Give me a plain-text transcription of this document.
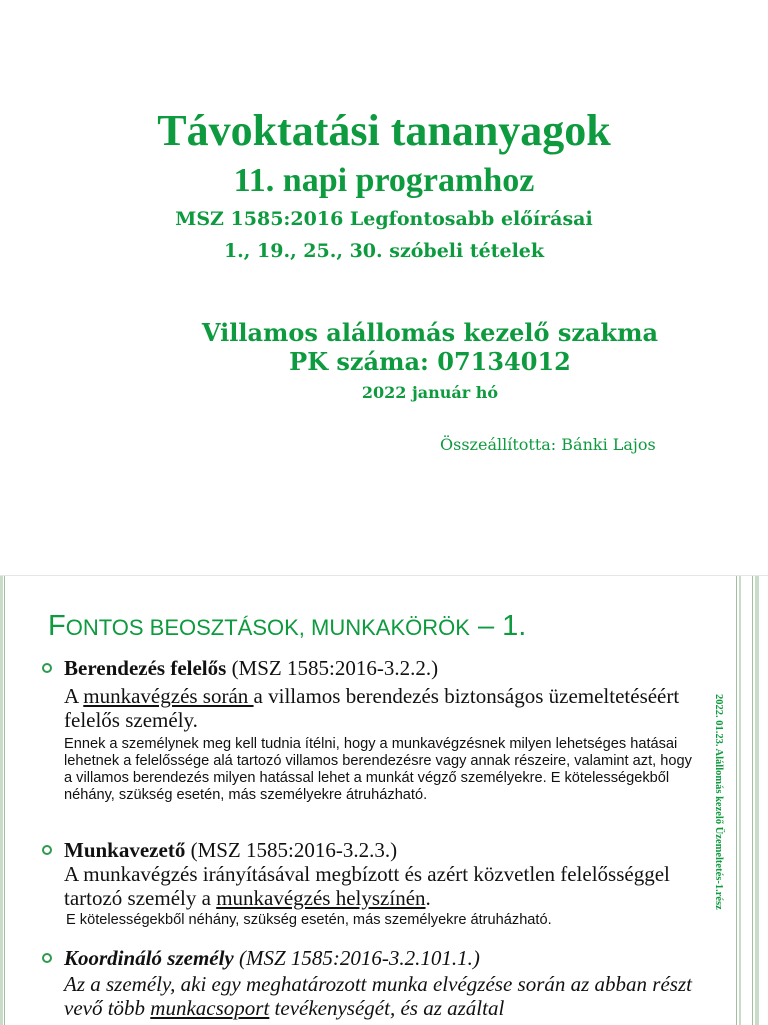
Távoktatási tananyagok
11. napi programhoz
MSZ 1585:2016 Legfontosabb előírásai
1., 19., 25., 30. szóbeli tételek
Villamos alállomás kezelő szakma
PK száma: 07134012
2022 január hó
Összeállította: Bánki Lajos
FONTOS BEOSZTÁSOK, MUNKAKÖRÖK – 1.
Berendezés felelős (MSZ 1585:2016-3.2.2.)
A munkavégzés során a villamos berendezés biztonságos üzemeltetéséért felelős személy.
Ennek a személynek meg kell tudnia ítélni, hogy a munkavégzésnek milyen lehetséges hatásai lehetnek a felelőssége alá tartozó villamos berendezésre vagy annak részeire, valamint azt, hogy a villamos berendezés milyen hatással lehet a munkát végző személyekre. E kötelességekből néhány, szükség esetén, más személyekre átruházható.
Munkavezető (MSZ 1585:2016-3.2.3.)
A munkavégzés irányításával megbízott és azért közvetlen felelősséggel tartozó személy a munkavégzés helyszínén.
E kötelességekből néhány, szükség esetén, más személyekre átruházható.
Koordináló személy (MSZ 1585:2016-3.2.101.1.)
Az a személy, aki egy meghatározott munka elvégzése során az abban részt vevő több munkacsoport tevékenységét, és az azáltal
2022. 01.23. Alállomás kezelő Üzemeltetés-1.rész
